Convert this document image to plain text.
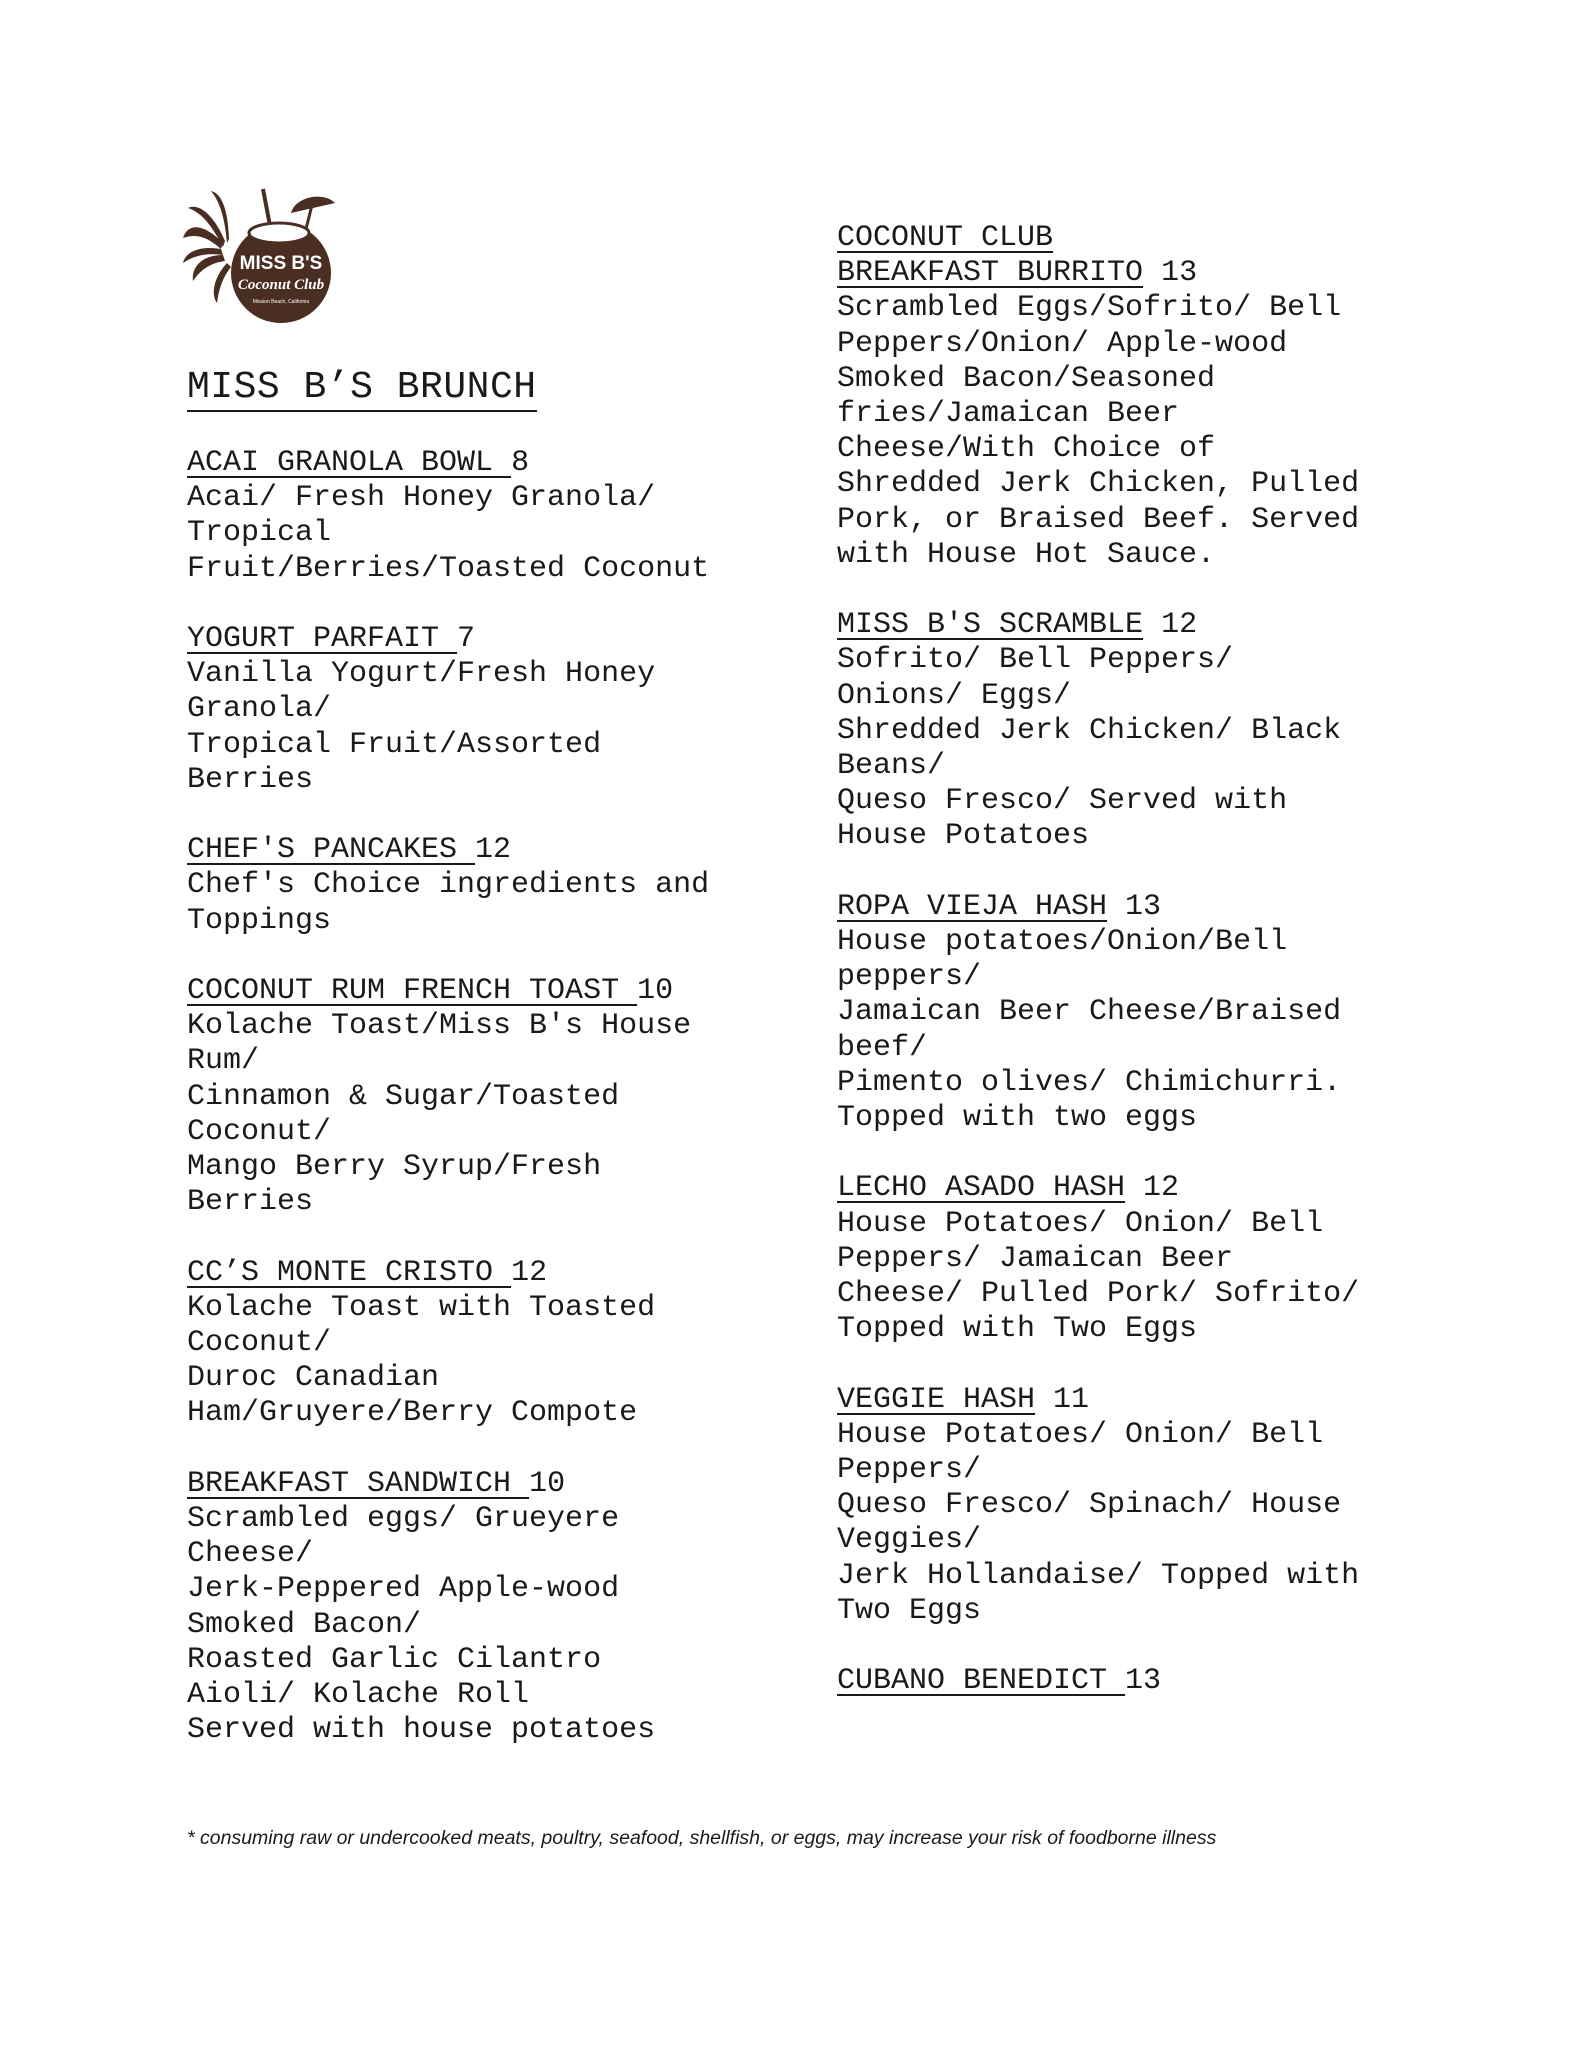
MISS B'S
Coconut Club
Mission Beach, California
MISS B’S BRUNCH
ACAI GRANOLA BOWL 8
Acai/ Fresh Honey Granola/
Tropical
Fruit/Berries/Toasted Coconut
YOGURT PARFAIT 7
Vanilla Yogurt/Fresh Honey
Granola/
Tropical Fruit/Assorted
Berries
CHEF'S PANCAKES 12
Chef's Choice ingredients and
Toppings
COCONUT RUM FRENCH TOAST 10
Kolache Toast/Miss B's House
Rum/
Cinnamon & Sugar/Toasted
Coconut/
Mango Berry Syrup/Fresh
Berries
CC’S MONTE CRISTO 12
Kolache Toast with Toasted
Coconut/
Duroc Canadian
Ham/Gruyere/Berry Compote
BREAKFAST SANDWICH 10
Scrambled eggs/ Grueyere
Cheese/
Jerk-Peppered Apple-wood
Smoked Bacon/
Roasted Garlic Cilantro
Aioli/ Kolache Roll
Served with house potatoes
COCONUT CLUB
BREAKFAST BURRITO 13
Scrambled Eggs/Sofrito/ Bell
Peppers/Onion/ Apple-wood
Smoked Bacon/Seasoned
fries/Jamaican Beer
Cheese/With Choice of
Shredded Jerk Chicken, Pulled
Pork, or Braised Beef. Served
with House Hot Sauce.
MISS B'S SCRAMBLE 12
Sofrito/ Bell Peppers/
Onions/ Eggs/
Shredded Jerk Chicken/ Black
Beans/
Queso Fresco/ Served with
House Potatoes
ROPA VIEJA HASH 13
House potatoes/Onion/Bell
peppers/
Jamaican Beer Cheese/Braised
beef/
Pimento olives/ Chimichurri.
Topped with two eggs
LECHO ASADO HASH 12
House Potatoes/ Onion/ Bell
Peppers/ Jamaican Beer
Cheese/ Pulled Pork/ Sofrito/
Topped with Two Eggs
VEGGIE HASH 11
House Potatoes/ Onion/ Bell
Peppers/
Queso Fresco/ Spinach/ House
Veggies/
Jerk Hollandaise/ Topped with
Two Eggs
CUBANO BENEDICT 13
* consuming raw or undercooked meats, poultry, seafood, shellfish, or eggs, may increase your risk of foodborne illness
